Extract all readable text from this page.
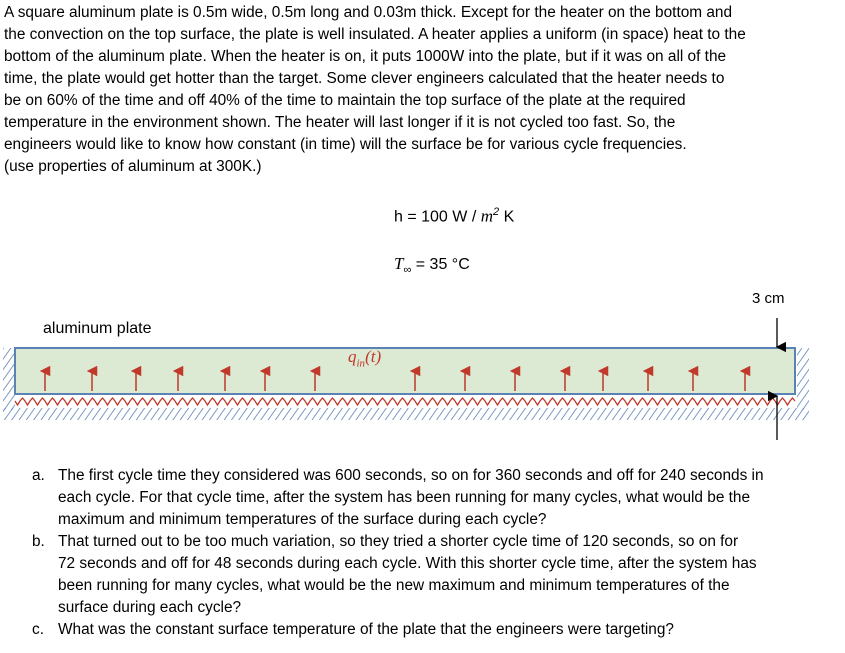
A square aluminum plate is 0.5m wide, 0.5m long and 0.03m thick. Except for the heater on the bottom and
the convection on the top surface, the plate is well insulated. A heater applies a uniform (in space) heat to the
bottom of the aluminum plate. When the heater is on, it puts 1000W into the plate, but if it was on all of the
time, the plate would get hotter than the target. Some clever engineers calculated that the heater needs to
be on 60% of the time and off 40% of the time to maintain the top surface of the plate at the required
temperature in the environment shown. The heater will last longer if it is not cycled too fast. So, the
engineers would like to know how constant (in time) will the surface be for various cycle frequencies.
(use properties of aluminum at 300K.)

h = 100 W / $m^2$ K
$T_\infty = 35$ °C
3 cm
aluminum plate
$q_{in}(t)$
a. The first cycle time they considered was 600 seconds, so on for 360 seconds and off for 240 seconds in
each cycle. For that cycle time, after the system has been running for many cycles, what would be the
maximum and minimum temperatures of the surface during each cycle?
b. That turned out to be too much variation, so they tried a shorter cycle time of 120 seconds, so on for
72 seconds and off for 48 seconds during each cycle. With this shorter cycle time, after the system has
been running for many cycles, what would be the new maximum and minimum temperatures of the
surface during each cycle?
c. What was the constant surface temperature of the plate that the engineers were targeting?
